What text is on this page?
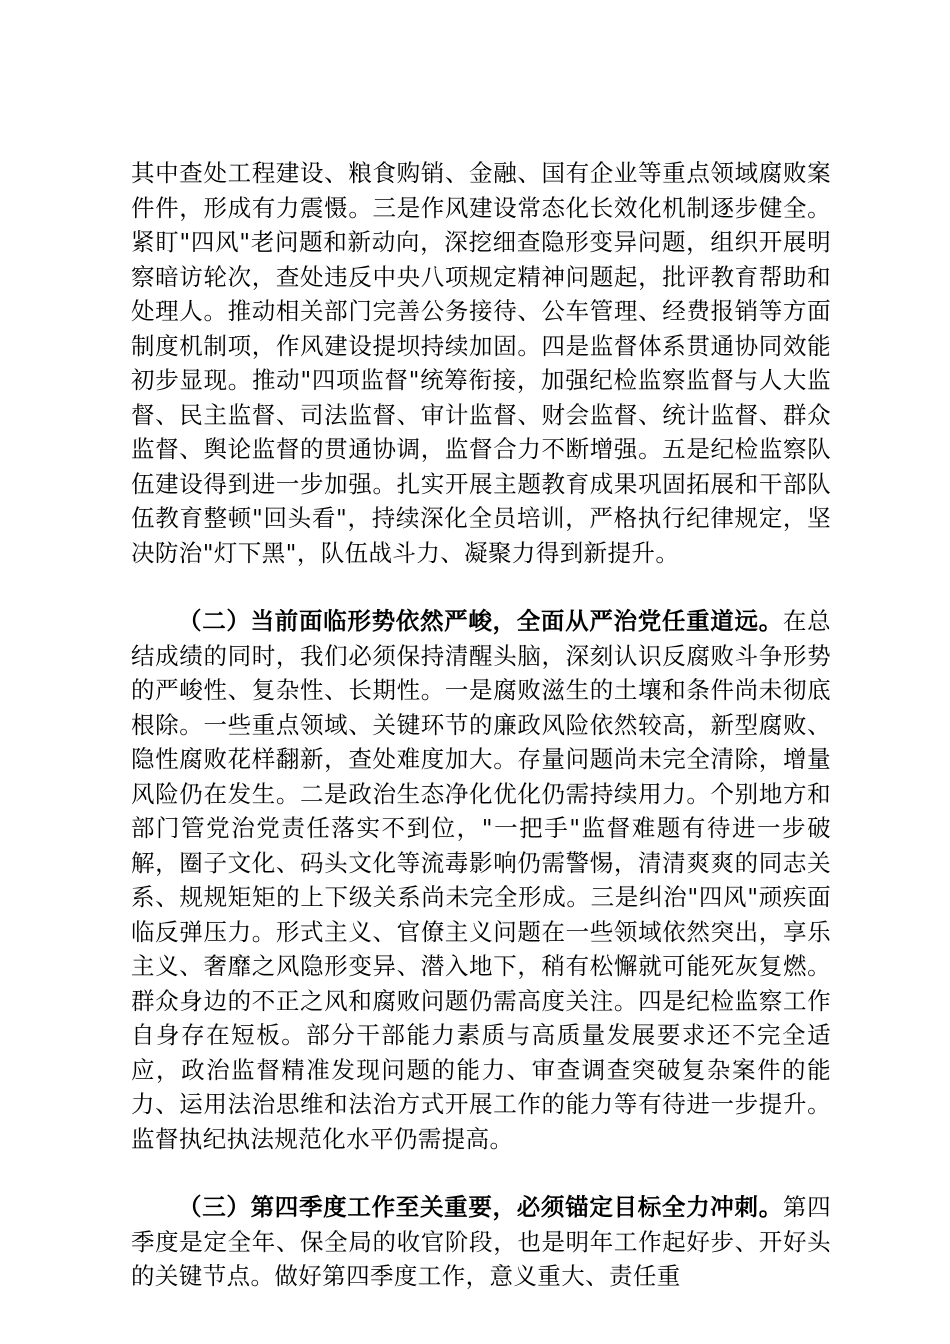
其中查处工程建设、粮食购销、金融、国有企业等重点领域腐败案件件，形成有力震慑。三是作风建设常态化长效化机制逐步健全。紧盯"四风"老问题和新动向，深挖细查隐形变异问题，组织开展明察暗访轮次，查处违反中央八项规定精神问题起，批评教育帮助和处理人。推动相关部门完善公务接待、公车管理、经费报销等方面制度机制项，作风建设提坝持续加固。四是监督体系贯通协同效能初步显现。推动"四项监督"统筹衔接，加强纪检监察监督与人大监督、民主监督、司法监督、审计监督、财会监督、统计监督、群众监督、舆论监督的贯通协调，监督合力不断增强。五是纪检监察队伍建设得到进一步加强。扎实开展主题教育成果巩固拓展和干部队伍教育整顿"回头看"，持续深化全员培训，严格执行纪律规定，坚决防治"灯下黑"，队伍战斗力、凝聚力得到新提升。

（二）当前面临形势依然严峻，全面从严治党任重道远。在总结成绩的同时，我们必须保持清醒头脑，深刻认识反腐败斗争形势的严峻性、复杂性、长期性。一是腐败滋生的土壤和条件尚未彻底根除。一些重点领域、关键环节的廉政风险依然较高，新型腐败、隐性腐败花样翻新，查处难度加大。存量问题尚未完全清除，增量风险仍在发生。二是政治生态净化优化仍需持续用力。个别地方和部门管党治党责任落实不到位，"一把手"监督难题有待进一步破解，圈子文化、码头文化等流毒影响仍需警惕，清清爽爽的同志关系、规规矩矩的上下级关系尚未完全形成。三是纠治"四风"顽疾面临反弹压力。形式主义、官僚主义问题在一些领域依然突出，享乐主义、奢靡之风隐形变异、潜入地下，稍有松懈就可能死灰复燃。群众身边的不正之风和腐败问题仍需高度关注。四是纪检监察工作自身存在短板。部分干部能力素质与高质量发展要求还不完全适应，政治监督精准发现问题的能力、审查调查突破复杂案件的能力、运用法治思维和法治方式开展工作的能力等有待进一步提升。监督执纪执法规范化水平仍需提高。

（三）第四季度工作至关重要，必须锚定目标全力冲刺。第四季度是定全年、保全局的收官阶段，也是明年工作起好步、开好头的关键节点。做好第四季度工作，意义重大、责任重
